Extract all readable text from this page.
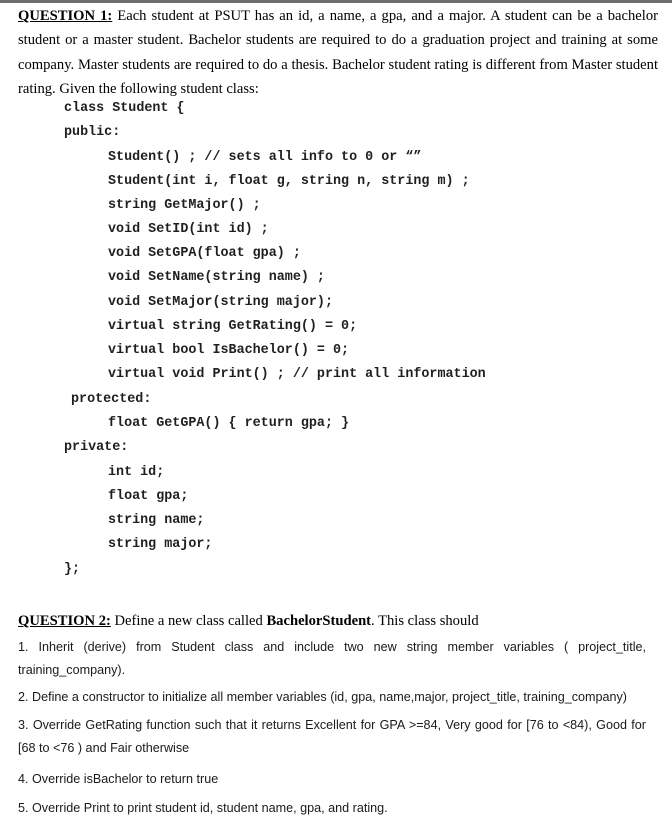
QUESTION 1: Each student at PSUT has an id, a name, a gpa, and a major. A student can be a bachelor student or a master student. Bachelor students are required to do a graduation project and training at some company. Master students are required to do a thesis. Bachelor student rating is different from Master student rating. Given the following student class:
class Student {
public:
Student() ; // sets all info to 0 or “”
Student(int i, float g, string n, string m) ;
string GetMajor() ;
void SetID(int id) ;
void SetGPA(float gpa) ;
void SetName(string name) ;
void SetMajor(string major);
virtual string GetRating() = 0;
virtual bool IsBachelor() = 0;
virtual void Print() ; // print all information
protected:
float GetGPA() { return gpa; }
private:
int id;
float gpa;
string name;
string major;
};
QUESTION 2: Define a new class called BachelorStudent. This class should
1. Inherit (derive) from Student class and include two new string member variables ( project_title, training_company).
2. Define a constructor to initialize all member variables (id, gpa, name,major, project_title, training_company)
3. Override GetRating function such that it returns Excellent for GPA >=84, Very good for [76 to <84), Good for [68 to <76 ) and Fair otherwise
4. Override isBachelor to return true
5. Override Print to print student id, student name, gpa, and rating.
